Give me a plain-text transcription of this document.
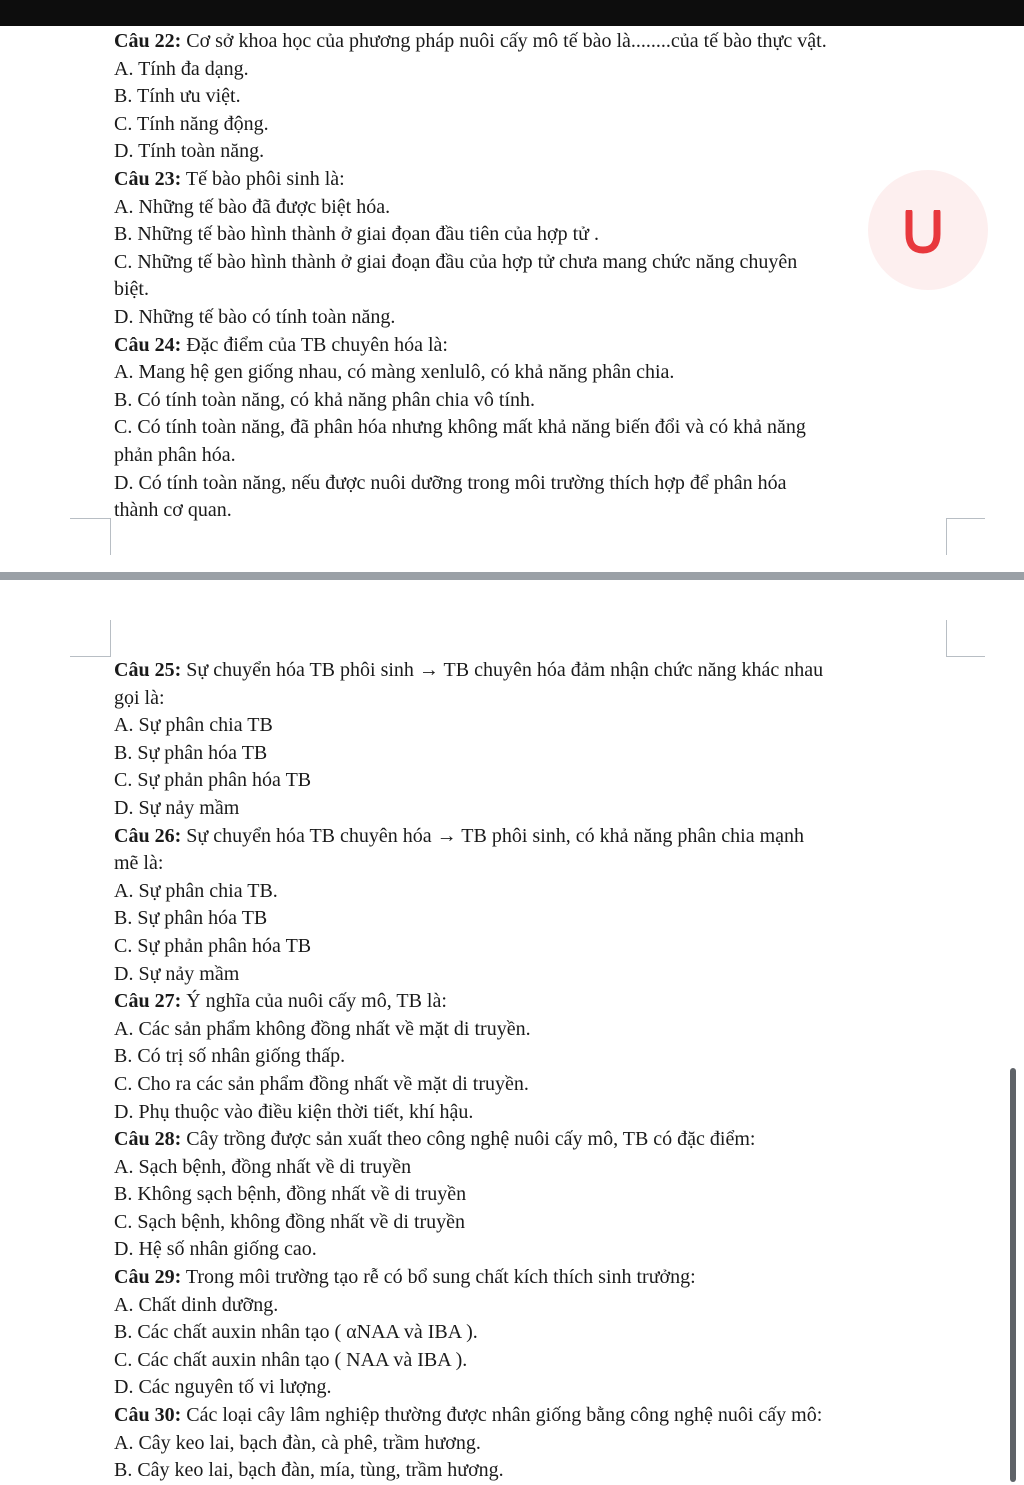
Câu 22: Cơ sở khoa học của phương pháp nuôi cấy mô tế bào là........của tế bào thực vật.
A. Tính đa dạng.
B. Tính ưu việt.
C. Tính năng động.
D. Tính toàn năng.
Câu 23: Tế bào phôi sinh là:
A. Những tế bào đã được biệt hóa.
B. Những tế bào hình thành ở giai đọan đầu tiên của hợp tử .
C. Những tế bào hình thành ở giai đoạn đầu của hợp tử chưa mang chức năng chuyên
biệt.
D. Những tế bào có tính toàn năng.
Câu 24: Đặc điểm của TB chuyên hóa là:
A. Mang hệ gen giống nhau, có màng xenlulô, có khả năng phân chia.
B. Có tính toàn năng, có khả năng phân chia vô tính.
C. Có tính toàn năng, đã phân hóa nhưng không mất khả năng biến đổi và có khả năng
phản phân hóa.
D. Có tính toàn năng, nếu được nuôi dưỡng trong môi trường thích hợp để phân hóa
thành cơ quan.
Câu 25: Sự chuyển hóa TB phôi sinh → TB chuyên hóa đảm nhận chức năng khác nhau
gọi là:
A. Sự phân chia TB
B. Sự phân hóa TB
C. Sự phản phân hóa TB
D. Sự nảy mầm
Câu 26: Sự chuyển hóa TB chuyên hóa → TB phôi sinh, có khả năng phân chia mạnh
mẽ là:
A. Sự phân chia TB.
B. Sự phân hóa TB
C. Sự phản phân hóa TB
D. Sự nảy mầm
Câu 27: Ý nghĩa của nuôi cấy mô, TB là:
A. Các sản phẩm không đồng nhất về mặt di truyền.
B. Có trị số nhân giống thấp.
C. Cho ra các sản phẩm đồng nhất về mặt di truyền.
D. Phụ thuộc vào điều kiện thời tiết, khí hậu.
Câu 28: Cây trồng được sản xuất theo công nghệ nuôi cấy mô, TB có đặc điểm:
A. Sạch bệnh, đồng nhất về di truyền
B. Không sạch bệnh, đồng nhất về di truyền
C. Sạch bệnh, không đồng nhất về di truyền
D. Hệ số nhân giống cao.
Câu 29: Trong môi trường tạo rễ có bổ sung chất kích thích sinh trưởng:
A. Chất dinh dưỡng.
B. Các chất auxin nhân tạo ( αNAA và IBA ).
C. Các chất auxin nhân tạo ( NAA và IBA ).
D. Các nguyên tố vi lượng.
Câu 30: Các loại cây lâm nghiệp thường được nhân giống bằng công nghệ nuôi cấy mô:
A. Cây keo lai, bạch đàn, cà phê, trầm hương.
B. Cây keo lai, bạch đàn, mía, tùng, trầm hương.
